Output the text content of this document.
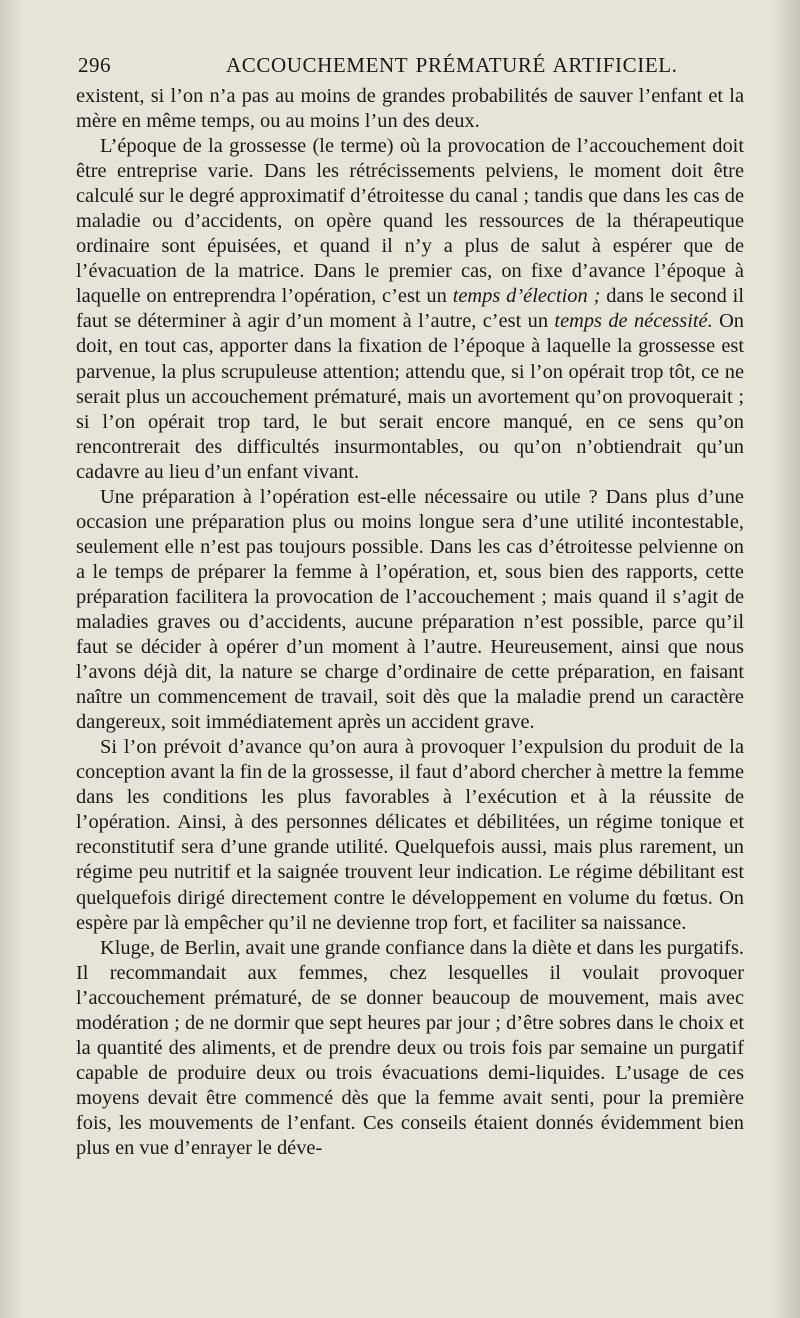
296	ACCOUCHEMENT PRÉMATURÉ ARTIFICIEL.

existent, si l’on n’a pas au moins de grandes probabilités de sauver l’enfant et la mère en même temps, ou au moins l’un des deux.

L’époque de la grossesse (le terme) où la provocation de l’accouchement doit être entreprise varie. Dans les rétrécissements pelviens, le moment doit être calculé sur le degré approximatif d’étroitesse du canal ; tandis que dans les cas de maladie ou d’accidents, on opère quand les ressources de la thérapeutique ordinaire sont épuisées, et quand il n’y a plus de salut à espérer que de l’évacuation de la matrice. Dans le premier cas, on fixe d’avance l’époque à laquelle on entreprendra l’opération, c’est un temps d’élection ; dans le second il faut se déterminer à agir d’un moment à l’autre, c’est un temps de nécessité. On doit, en tout cas, apporter dans la fixation de l’époque à laquelle la grossesse est parvenue, la plus scrupuleuse attention; attendu que, si l’on opérait trop tôt, ce ne serait plus un accouchement prématuré, mais un avortement qu’on provoquerait ; si l’on opérait trop tard, le but serait encore manqué, en ce sens qu’on rencontrerait des difficultés insurmontables, ou qu’on n’obtiendrait qu’un cadavre au lieu d’un enfant vivant.

Une préparation à l’opération est-elle nécessaire ou utile ? Dans plus d’une occasion une préparation plus ou moins longue sera d’une utilité incontestable, seulement elle n’est pas toujours possible. Dans les cas d’étroitesse pelvienne on a le temps de préparer la femme à l’opération, et, sous bien des rapports, cette préparation facilitera la provocation de l’accouchement ; mais quand il s’agit de maladies graves ou d’accidents, aucune préparation n’est possible, parce qu’il faut se décider à opérer d’un moment à l’autre. Heureusement, ainsi que nous l’avons déjà dit, la nature se charge d’ordinaire de cette préparation, en faisant naître un commencement de travail, soit dès que la maladie prend un caractère dangereux, soit immédiatement après un accident grave.

Si l’on prévoit d’avance qu’on aura à provoquer l’expulsion du produit de la conception avant la fin de la grossesse, il faut d’abord chercher à mettre la femme dans les conditions les plus favorables à l’exécution et à la réussite de l’opération. Ainsi, à des personnes délicates et débilitées, un régime tonique et reconstitutif sera d’une grande utilité. Quelquefois aussi, mais plus rarement, un régime peu nutritif et la saignée trouvent leur indication. Le régime débilitant est quelquefois dirigé directement contre le développement en volume du fœtus. On espère par là empêcher qu’il ne devienne trop fort, et faciliter sa naissance.

Kluge, de Berlin, avait une grande confiance dans la diète et dans les purgatifs. Il recommandait aux femmes, chez lesquelles il voulait provoquer l’accouchement prématuré, de se donner beaucoup de mouvement, mais avec modération ; de ne dormir que sept heures par jour ; d’être sobres dans le choix et la quantité des aliments, et de prendre deux ou trois fois par semaine un purgatif capable de produire deux ou trois évacuations demi-liquides. L’usage de ces moyens devait être commencé dès que la femme avait senti, pour la première fois, les mouvements de l’enfant. Ces conseils étaient donnés évidemment bien plus en vue d’enrayer le déve-
